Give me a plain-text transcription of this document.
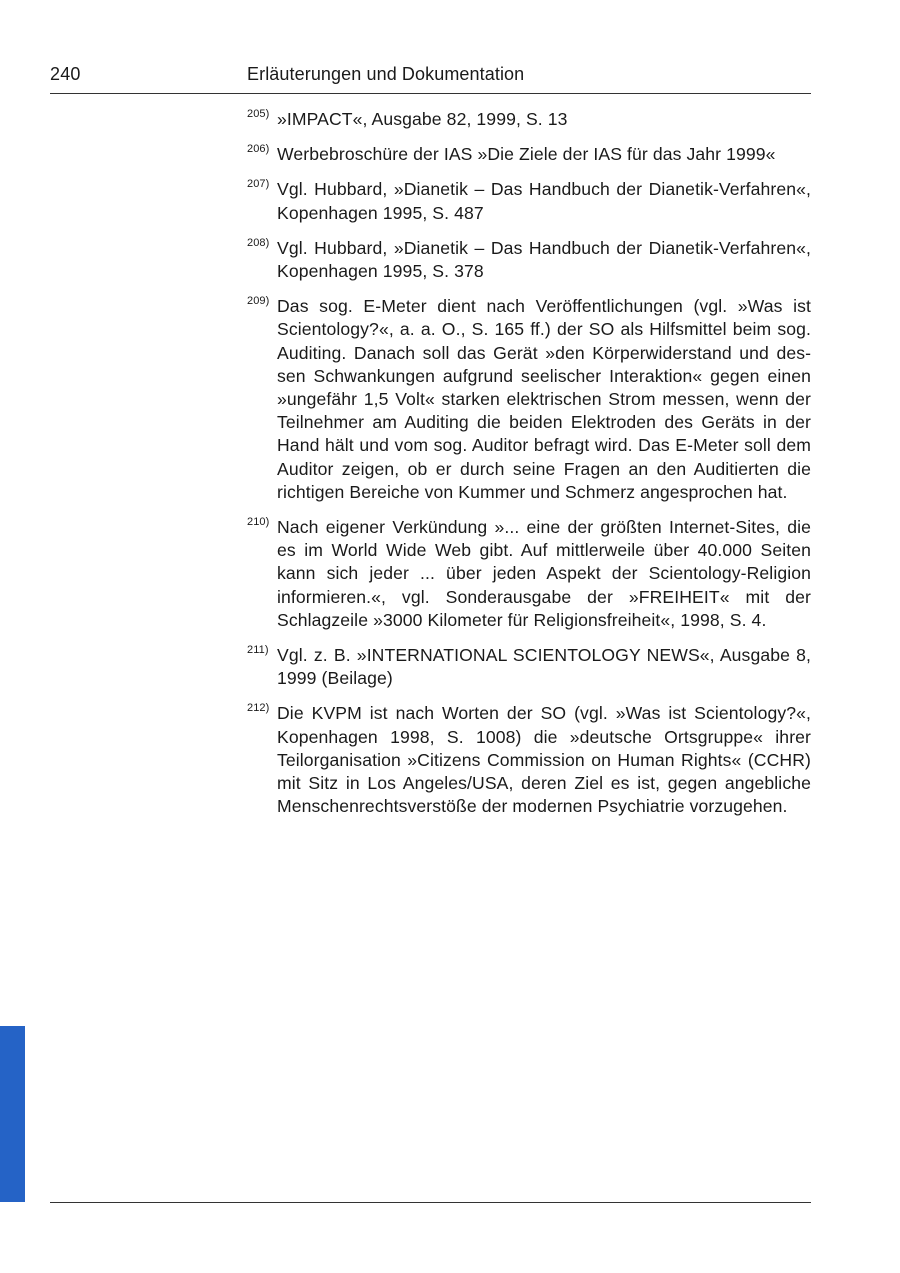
240	Erläuterungen und Dokumentation
205) »IMPACT«, Ausgabe 82, 1999, S. 13
206) Werbebroschüre der IAS »Die Ziele der IAS für das Jahr 1999«
207) Vgl. Hubbard, »Dianetik – Das Handbuch der Dianetik-Verfahren«, Kopenhagen 1995, S. 487
208) Vgl. Hubbard, »Dianetik – Das Handbuch der Dianetik-Verfahren«, Kopenhagen 1995, S. 378
209) Das sog. E-Meter dient nach Veröffentlichungen (vgl. »Was ist Scientology?«, a. a. O., S. 165 ff.) der SO als Hilfsmittel beim sog. Auditing. Danach soll das Gerät »den Körperwiderstand und dessen Schwankungen aufgrund seelischer Interaktion« gegen einen »ungefähr 1,5 Volt« starken elektrischen Strom messen, wenn der Teilnehmer am Auditing die beiden Elektroden des Geräts in der Hand hält und vom sog. Auditor befragt wird. Das E-Meter soll dem Auditor zeigen, ob er durch seine Fragen an den Auditierten die richtigen Bereiche von Kummer und Schmerz angesprochen hat.
210) Nach eigener Verkündung »... eine der größten Internet-Sites, die es im World Wide Web gibt. Auf mittlerweile über 40.000 Seiten kann sich jeder ... über jeden Aspekt der Scientology-Religion informieren.«, vgl. Sonderausgabe der »FREIHEIT« mit der Schlagzeile »3000 Kilometer für Religionsfreiheit«, 1998, S. 4.
211) Vgl. z. B. »INTERNATIONAL SCIENTOLOGY NEWS«, Ausgabe 8, 1999 (Beilage)
212) Die KVPM ist nach Worten der SO (vgl. »Was ist Scientology?«, Kopenhagen 1998, S. 1008) die »deutsche Ortsgruppe« ihrer Teilorganisation »Citizens Commission on Human Rights« (CCHR) mit Sitz in Los Angeles/USA, deren Ziel es ist, gegen angebliche Menschenrechtsverstöße der modernen Psychiatrie vorzugehen.
